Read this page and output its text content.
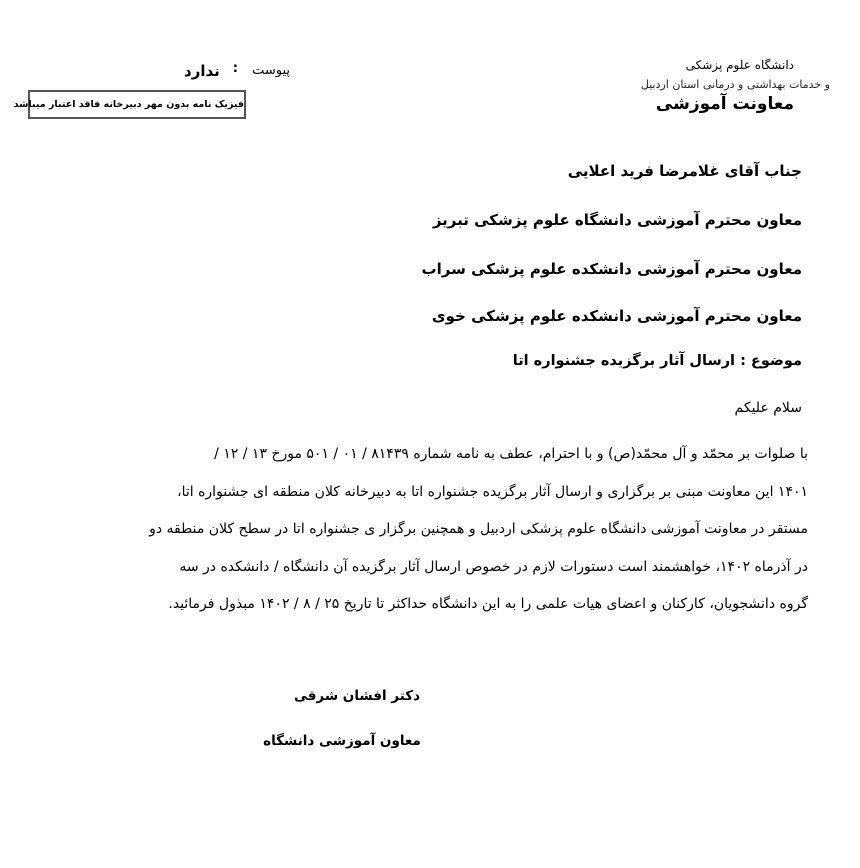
پیوست
:
ندارد
فیزیک نامه بدون مهر دبیرخانه فاقد اعتبار میباشد
دانشگاه علوم پزشکی
و خدمات بهداشتی و درمانی استان اردبیل
معاونت آموزشی
جناب آقای غلامرضا فرید اعلایی
معاون محترم آموزشی دانشگاه علوم پزشکی تبریز
معاون محترم آموزشی دانشکده علوم پزشکی سراب
معاون محترم آموزشی دانشکده علوم پزشکی خوی
موضوع : ارسال آثار برگزیده جشنواره اتا
سلام علیکم
با صلوات بر محمّد و آل محمّد(ص) و با احترام، عطف به نامه شماره ۸۱۴۳۹ / ۰۱ / ۵۰۱ مورخ ۱۳ / ۱۲ /
۱۴۰۱ این معاونت مبنی بر برگزاری و ارسال آثار برگزیده جشنواره اتا به دبیرخانه کلان منطقه ای جشنواره اتا،
مستقر در معاونت آموزشی دانشگاه علوم پزشکی اردبیل و همچنین برگزار ی جشنواره اتا در سطح کلان منطقه دو
در آذرماه ۱۴۰۲، خواهشمند است دستورات لازم در خصوص ارسال آثار برگزیده آن دانشگاه / دانشکده در سه
گروه دانشجویان، کارکنان و اعضای هیات علمی را به این دانشگاه حداکثر تا تاریخ ۲۵ / ۸ / ۱۴۰۲ مبذول فرمائید.
دکتر افشان شرقی
معاون آموزشی دانشگاه
